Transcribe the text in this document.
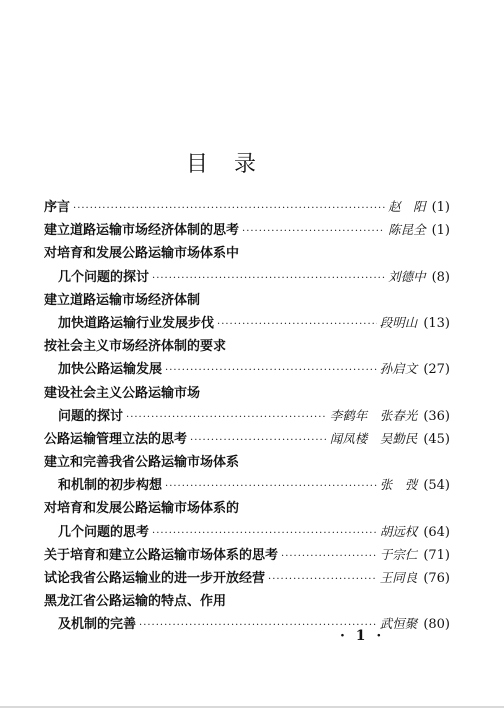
目录
序言 ·····	赵　阳 (1)
建立道路运输市场经济体制的思考 ·····	陈昆全 (1)
对培育和发展公路运输市场体系中
几个问题的探讨 ·····	刘德中 (8)
建立道路运输市场经济体制
加快道路运输行业发展步伐 ·····	段明山 (13)
按社会主义市场经济体制的要求
加快公路运输发展 ·····	孙启文 (27)
建设社会主义公路运输市场
问题的探讨 ·····	李鹤年　张春光 (36)
公路运输管理立法的思考 ·····	闻凤楼　吴勤民 (45)
建立和完善我省公路运输市场体系
和机制的初步构想 ·····	张　弢 (54)
对培育和发展公路运输市场体系的
几个问题的思考 ·····	胡远权 (64)
关于培育和建立公路运输市场体系的思考 ·····	于宗仁 (71)
试论我省公路运输业的进一步开放经营 ·····	王同良 (76)
黑龙江省公路运输的特点、作用
及机制的完善 ·····	武恒聚 (80)
· 1 ·
